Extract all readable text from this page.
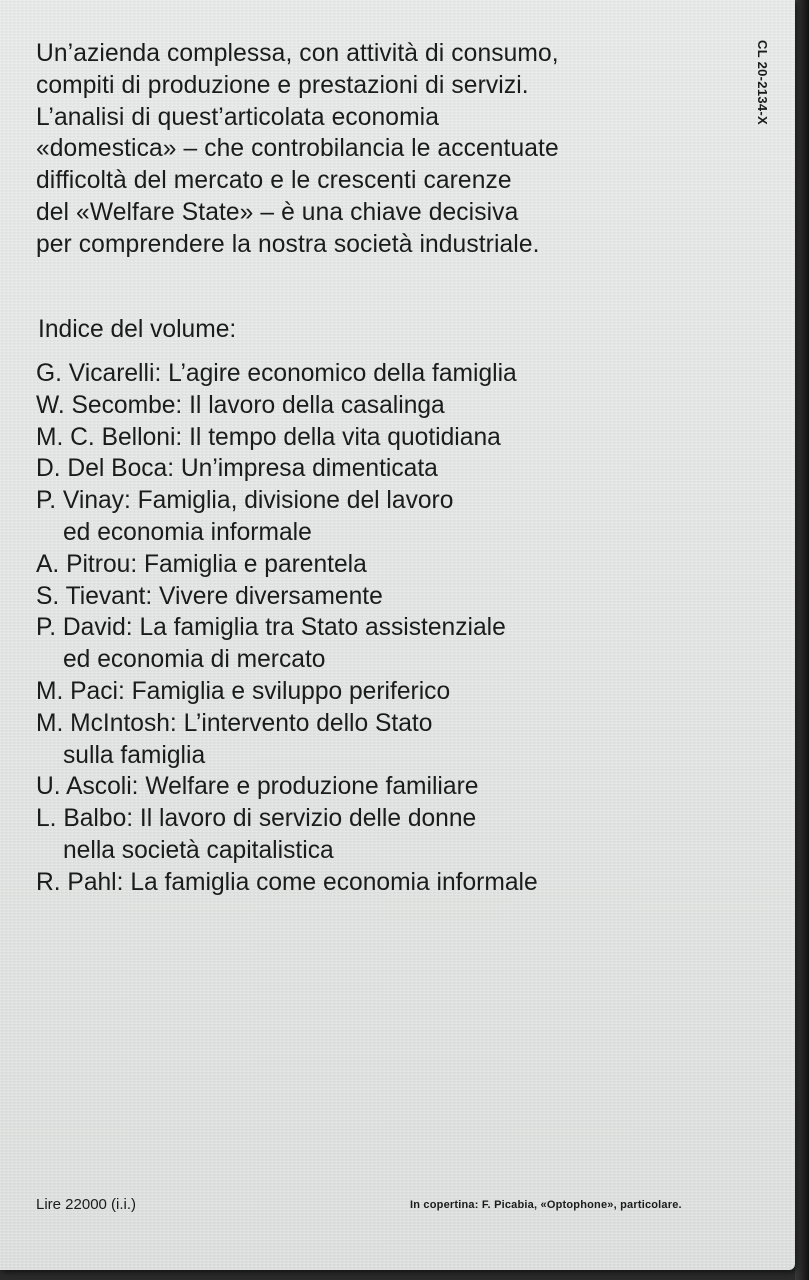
Un’azienda complessa, con attività di consumo,
compiti di produzione e prestazioni di servizi.
L’analisi di quest’articolata economia
«domestica» – che controbilancia le accentuate
difficoltà del mercato e le crescenti carenze
del «Welfare State» – è una chiave decisiva
per comprendere la nostra società industriale.

CL 20-2134-X
Indice del volume:
G. Vicarelli: L’agire economico della famiglia
W. Secombe: Il lavoro della casalinga
M. C. Belloni: Il tempo della vita quotidiana
D. Del Boca: Un’impresa dimenticata
P. Vinay: Famiglia, divisione del lavoro
ed economia informale
A. Pitrou: Famiglia e parentela
S. Tievant: Vivere diversamente
P. David: La famiglia tra Stato assistenziale
ed economia di mercato
M. Paci: Famiglia e sviluppo periferico
M. McIntosh: L’intervento dello Stato
sulla famiglia
U. Ascoli: Welfare e produzione familiare
L. Balbo: Il lavoro di servizio delle donne
nella società capitalistica
R. Pahl: La famiglia come economia informale
Lire 22000 (i.i.)	In copertina: F. Picabia, «Optophone», particolare.
